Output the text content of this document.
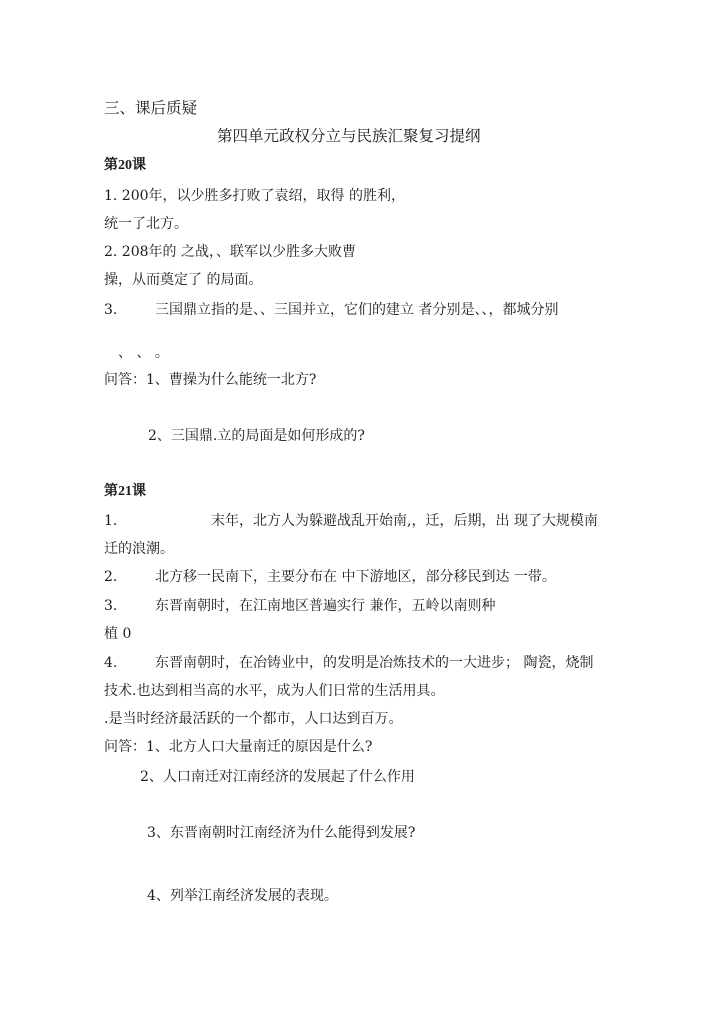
三、课后质疑
第四单元政权分立与民族汇聚复习提纲
第20课
1. 200年，以少胜多打败了袁绍，取得 的胜利，
统一了北方。
2. 208年的 之战，、联军以少胜多大败曹
操，从而奠定了 的局面。
3.	三国鼎立指的是、、三国并立，它们的建立 者分别是、、，都城分别
、 、 。
问答：1、曹操为什么能统一北方?
2、三国鼎.立的局面是如何形成的?
第21课
1.	末年，北方人为躲避战乱开始南,，迁，后期，出 现了大规模南
迁的浪潮。
2.	北方移一民南下，主要分布在 中下游地区，部分移民到达 一带。
3.	东晋南朝时，在江南地区普遍实行 兼作，五岭以南则种
植 0
4.	东晋南朝时，在冶铸业中，的发明是冶炼技术的一大进步； 陶瓷，烧制
技术.也达到相当高的水平，成为人们日常的生活用具。
.是当时经济最活跃的一个都市，人口达到百万。
问答：1、北方人口大量南迁的原因是什么?
2、人口南迁对江南经济的发展起了什么作用
3、东晋南朝时江南经济为什么能得到发展?
4、列举江南经济发展的表现。
